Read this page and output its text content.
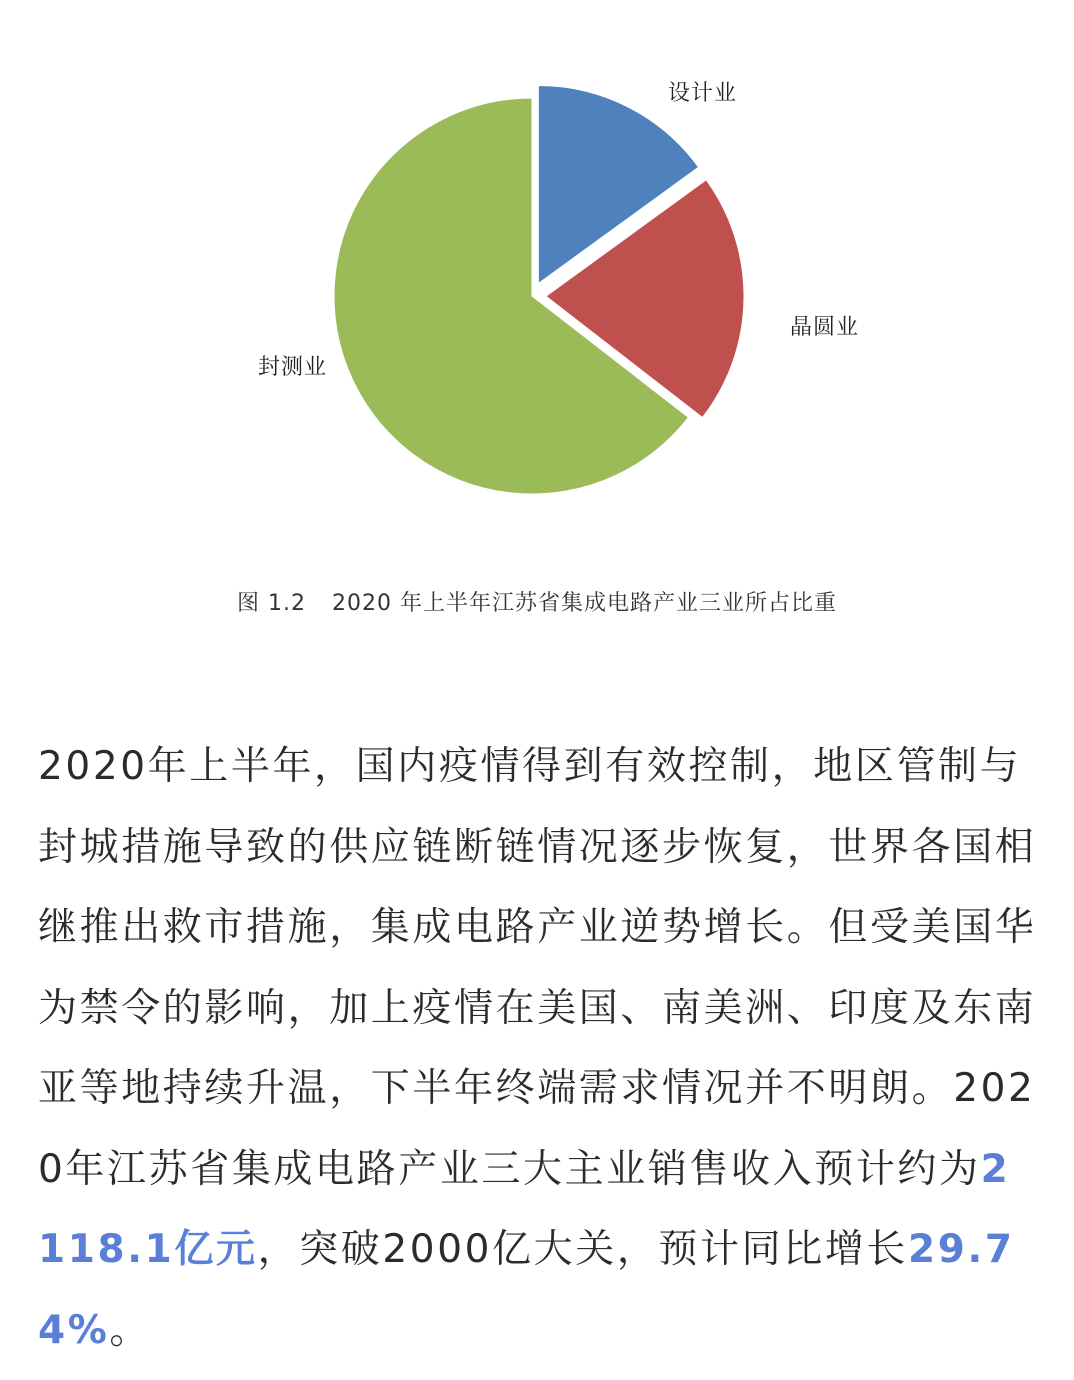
设计业
晶圆业
封测业
图 1.2 2020 年上半年江苏省集成电路产业三业所占比重

2020年上半年，国内疫情得到有效控制，地区管制与封城措施导致的供应链断链情况逐步恢复，世界各国相继推出救市措施，集成电路产业逆势增长。但受美国华为禁令的影响，加上疫情在美国、南美洲、印度及东南亚等地持续升温，下半年终端需求情况并不明朗。2020年江苏省集成电路产业三大主业销售收入预计约为2118.1亿元，突破2000亿大关，预计同比增长29.74%。
